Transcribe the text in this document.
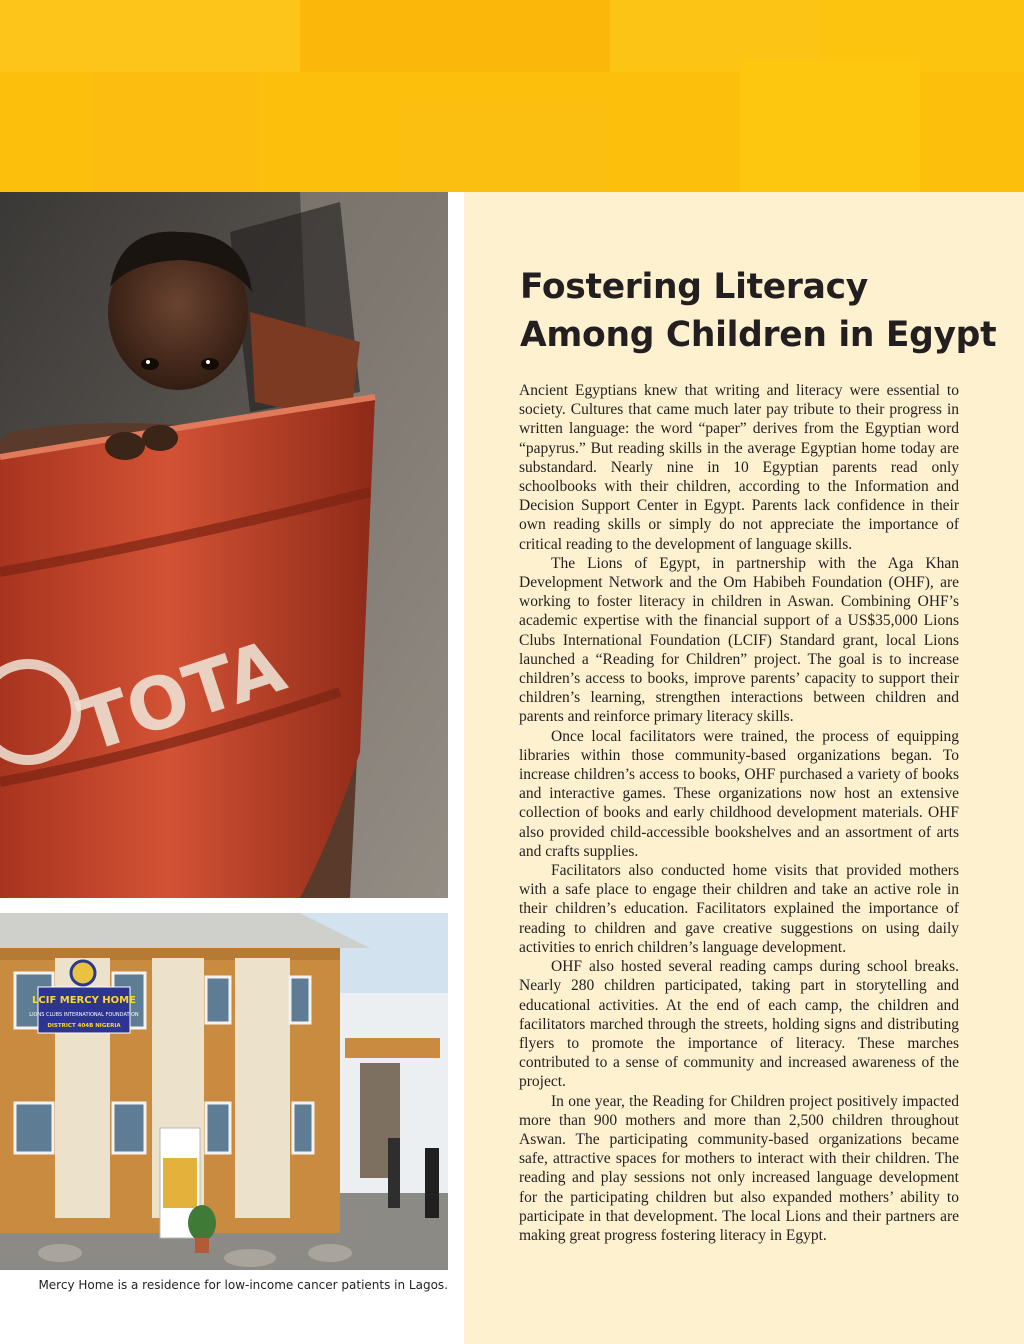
TOTA
LCIF MERCY HOME
LIONS CLUBS INTERNATIONAL FOUNDATION
DISTRICT 404B NIGERIA
Mercy Home is a residence for low-income cancer patients in Lagos.
Fostering Literacy
Among Children in Egypt

Ancient Egyptians knew that writing and literacy were essential to society. Cultures that came much later pay tribute to their progress in written language: the word “paper” derives from the Egyptian word “papyrus.” But reading skills in the average Egyptian home today are substandard. Nearly nine in 10 Egyptian parents read only schoolbooks with their children, according to the Information and Decision Support Center in Egypt. Parents lack confidence in their own reading skills or simply do not appreciate the importance of critical reading to the development of language skills.

The Lions of Egypt, in partnership with the Aga Khan Development Network and the Om Habibeh Foundation (OHF), are working to foster literacy in children in Aswan. Combining OHF’s academic expertise with the financial support of a US$35,000 Lions Clubs International Foundation (LCIF) Standard grant, local Lions launched a “Reading for Children” project. The goal is to increase children’s access to books, improve parents’ capacity to support their children’s learning, strengthen interactions between children and parents and reinforce primary literacy skills.

Once local facilitators were trained, the process of equipping libraries within those community-based organizations began. To increase children’s access to books, OHF purchased a variety of books and interactive games. These organizations now host an extensive collection of books and early childhood development materials. OHF also provided child-accessible bookshelves and an assortment of arts and crafts supplies.

Facilitators also conducted home visits that provided mothers with a safe place to engage their children and take an active role in their children’s education. Facilitators explained the importance of reading to children and gave creative suggestions on using daily activities to enrich children’s language development.

OHF also hosted several reading camps during school breaks. Nearly 280 children participated, taking part in storytelling and educational activities. At the end of each camp, the children and facilitators marched through the streets, holding signs and distributing flyers to promote the importance of literacy. These marches contributed to a sense of community and increased awareness of the project.

In one year, the Reading for Children project positively impacted more than 900 mothers and more than 2,500 children throughout Aswan. The participating community-based organizations became safe, attractive spaces for mothers to interact with their children. The reading and play sessions not only increased language development for the participating children but also expanded mothers’ ability to participate in that development. The local Lions and their partners are making great progress fostering literacy in Egypt.
